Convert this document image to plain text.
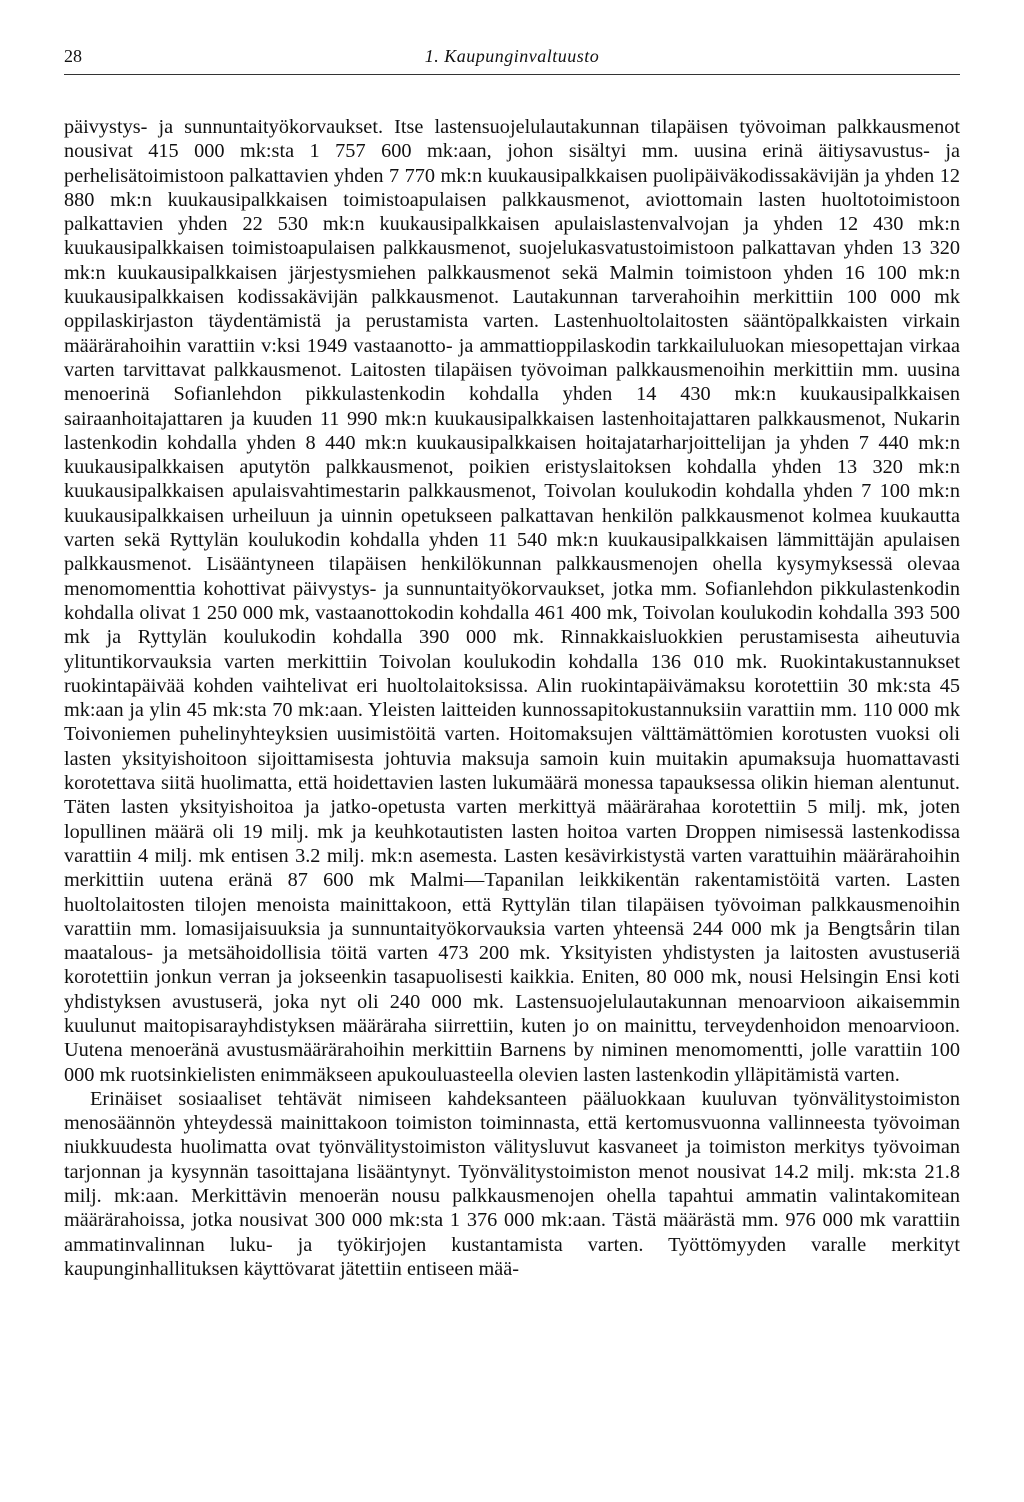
28	1. Kaupunginvaltuusto

päivystys- ja sunnuntaityökorvaukset. Itse lastensuojelulautakunnan tilapäisen työvoiman palkkausmenot nousivat 415 000 mk:sta 1 757 600 mk:aan, johon sisältyi mm. uusina erinä äitiysavustus- ja perhelisätoimistoon palkattavien yhden 7 770 mk:n kuukausipalkkaisen puolipäiväkodissakävijän ja yhden 12 880 mk:n kuukausipalkkaisen toimistoapulaisen palkkausmenot, aviottomain lasten huoltotoimistoon palkattavien yhden 22 530 mk:n kuukausipalkkaisen apulaislastenvalvojan ja yhden 12 430 mk:n kuukausipalkkaisen toimistoapulaisen palkkausmenot, suojelukasvatustoimistoon palkattavan yhden 13 320 mk:n kuukausipalkkaisen järjestysmiehen palkkausmenot sekä Malmin toimistoon yhden 16 100 mk:n kuukausipalkkaisen kodissakävijän palkkausmenot. Lautakunnan tarverahoihin merkittiin 100 000 mk oppilaskirjaston täydentämistä ja perustamista varten. Lastenhuoltolaitosten sääntöpalkkaisten virkain määrärahoihin varattiin v:ksi 1949 vastaanotto- ja ammattioppilaskodin tarkkailuluokan miesopettajan virkaa varten tarvittavat palkkausmenot. Laitosten tilapäisen työvoiman palkkausmenoihin merkittiin mm. uusina menoerinä Sofianlehdon pikkulastenkodin kohdalla yhden 14 430 mk:n kuukausipalkkaisen sairaanhoitajattaren ja kuuden 11 990 mk:n kuukausipalkkaisen lastenhoitajattaren palkkausmenot, Nukarin lastenkodin kohdalla yhden 8 440 mk:n kuukausipalkkaisen hoitajatarharjoittelijan ja yhden 7 440 mk:n kuukausipalkkaisen aputytön palkkausmenot, poikien eristyslaitoksen kohdalla yhden 13 320 mk:n kuukausipalkkaisen apulaisvahtimestarin palkkausmenot, Toivolan koulukodin kohdalla yhden 7 100 mk:n kuukausipalkkaisen urheiluun ja uinnin opetukseen palkattavan henkilön palkkausmenot kolmea kuukautta varten sekä Ryttylän koulukodin kohdalla yhden 11 540 mk:n kuukausipalkkaisen lämmittäjän apulaisen palkkausmenot. Lisääntyneen tilapäisen henkilökunnan palkkausmenojen ohella kysymyksessä olevaa menomomenttia kohottivat päivystys- ja sunnuntaityökorvaukset, jotka mm. Sofianlehdon pikkulastenkodin kohdalla olivat 1 250 000 mk, vastaanottokodin kohdalla 461 400 mk, Toivolan koulukodin kohdalla 393 500 mk ja Ryttylän koulukodin kohdalla 390 000 mk. Rinnakkaisluokkien perustamisesta aiheutuvia ylituntikorvauksia varten merkittiin Toivolan koulukodin kohdalla 136 010 mk. Ruokintakustannukset ruokintapäivää kohden vaihtelivat eri huoltolaitoksissa. Alin ruokintapäivämaksu korotettiin 30 mk:sta 45 mk:aan ja ylin 45 mk:sta 70 mk:aan. Yleisten laitteiden kunnossapitokustannuksiin varattiin mm. 110 000 mk Toivoniemen puhelinyhteyksien uusimistöitä varten. Hoitomaksujen välttämättömien korotusten vuoksi oli lasten yksityishoitoon sijoittamisesta johtuvia maksuja samoin kuin muitakin apumaksuja huomattavasti korotettava siitä huolimatta, että hoidettavien lasten lukumäärä monessa tapauksessa olikin hieman alentunut. Täten lasten yksityishoitoa ja jatko-opetusta varten merkittyä määrärahaa korotettiin 5 milj. mk, joten lopullinen määrä oli 19 milj. mk ja keuhkotautisten lasten hoitoa varten Droppen nimisessä lastenkodissa varattiin 4 milj. mk entisen 3.2 milj. mk:n asemesta. Lasten kesävirkistystä varten varattuihin määrärahoihin merkittiin uutena eränä 87 600 mk Malmi—Tapanilan leikkikentän rakentamistöitä varten. Lasten huoltolaitosten tilojen menoista mainittakoon, että Ryttylän tilan tilapäisen työvoiman palkkausmenoihin varattiin mm. lomasijaisuuksia ja sunnuntaityökorvauksia varten yhteensä 244 000 mk ja Bengtsårin tilan maatalous- ja metsähoidollisia töitä varten 473 200 mk. Yksityisten yhdistysten ja laitosten avustuseriä korotettiin jonkun verran ja jokseenkin tasapuolisesti kaikkia. Eniten, 80 000 mk, nousi Helsingin Ensi koti yhdistyksen avustuserä, joka nyt oli 240 000 mk. Lastensuojelulautakunnan menoarvioon aikaisemmin kuulunut maitopisarayhdistyksen määräraha siirrettiin, kuten jo on mainittu, terveydenhoidon menoarvioon. Uutena menoeränä avustusmäärärahoihin merkittiin Barnens by niminen menomomentti, jolle varattiin 100 000 mk ruotsinkielisten enimmäkseen apukouluasteella olevien lasten lastenkodin ylläpitämistä varten.

Erinäiset sosiaaliset tehtävät nimiseen kahdeksanteen pääluokkaan kuuluvan työnvälitystoimiston menosäännön yhteydessä mainittakoon toimiston toiminnasta, että kertomusvuonna vallinneesta työvoiman niukkuudesta huolimatta ovat työnvälitystoimiston välitysluvut kasvaneet ja toimiston merkitys työvoiman tarjonnan ja kysynnän tasoittajana lisääntynyt. Työnvälitystoimiston menot nousivat 14.2 milj. mk:sta 21.8 milj. mk:aan. Merkittävin menoerän nousu palkkausmenojen ohella tapahtui ammatin valintakomitean määrärahoissa, jotka nousivat 300 000 mk:sta 1 376 000 mk:aan. Tästä määrästä mm. 976 000 mk varattiin ammatinvalinnan luku- ja työkirjojen kustantamista varten. Työttömyyden varalle merkityt kaupunginhallituksen käyttövarat jätettiin entiseen mää-
